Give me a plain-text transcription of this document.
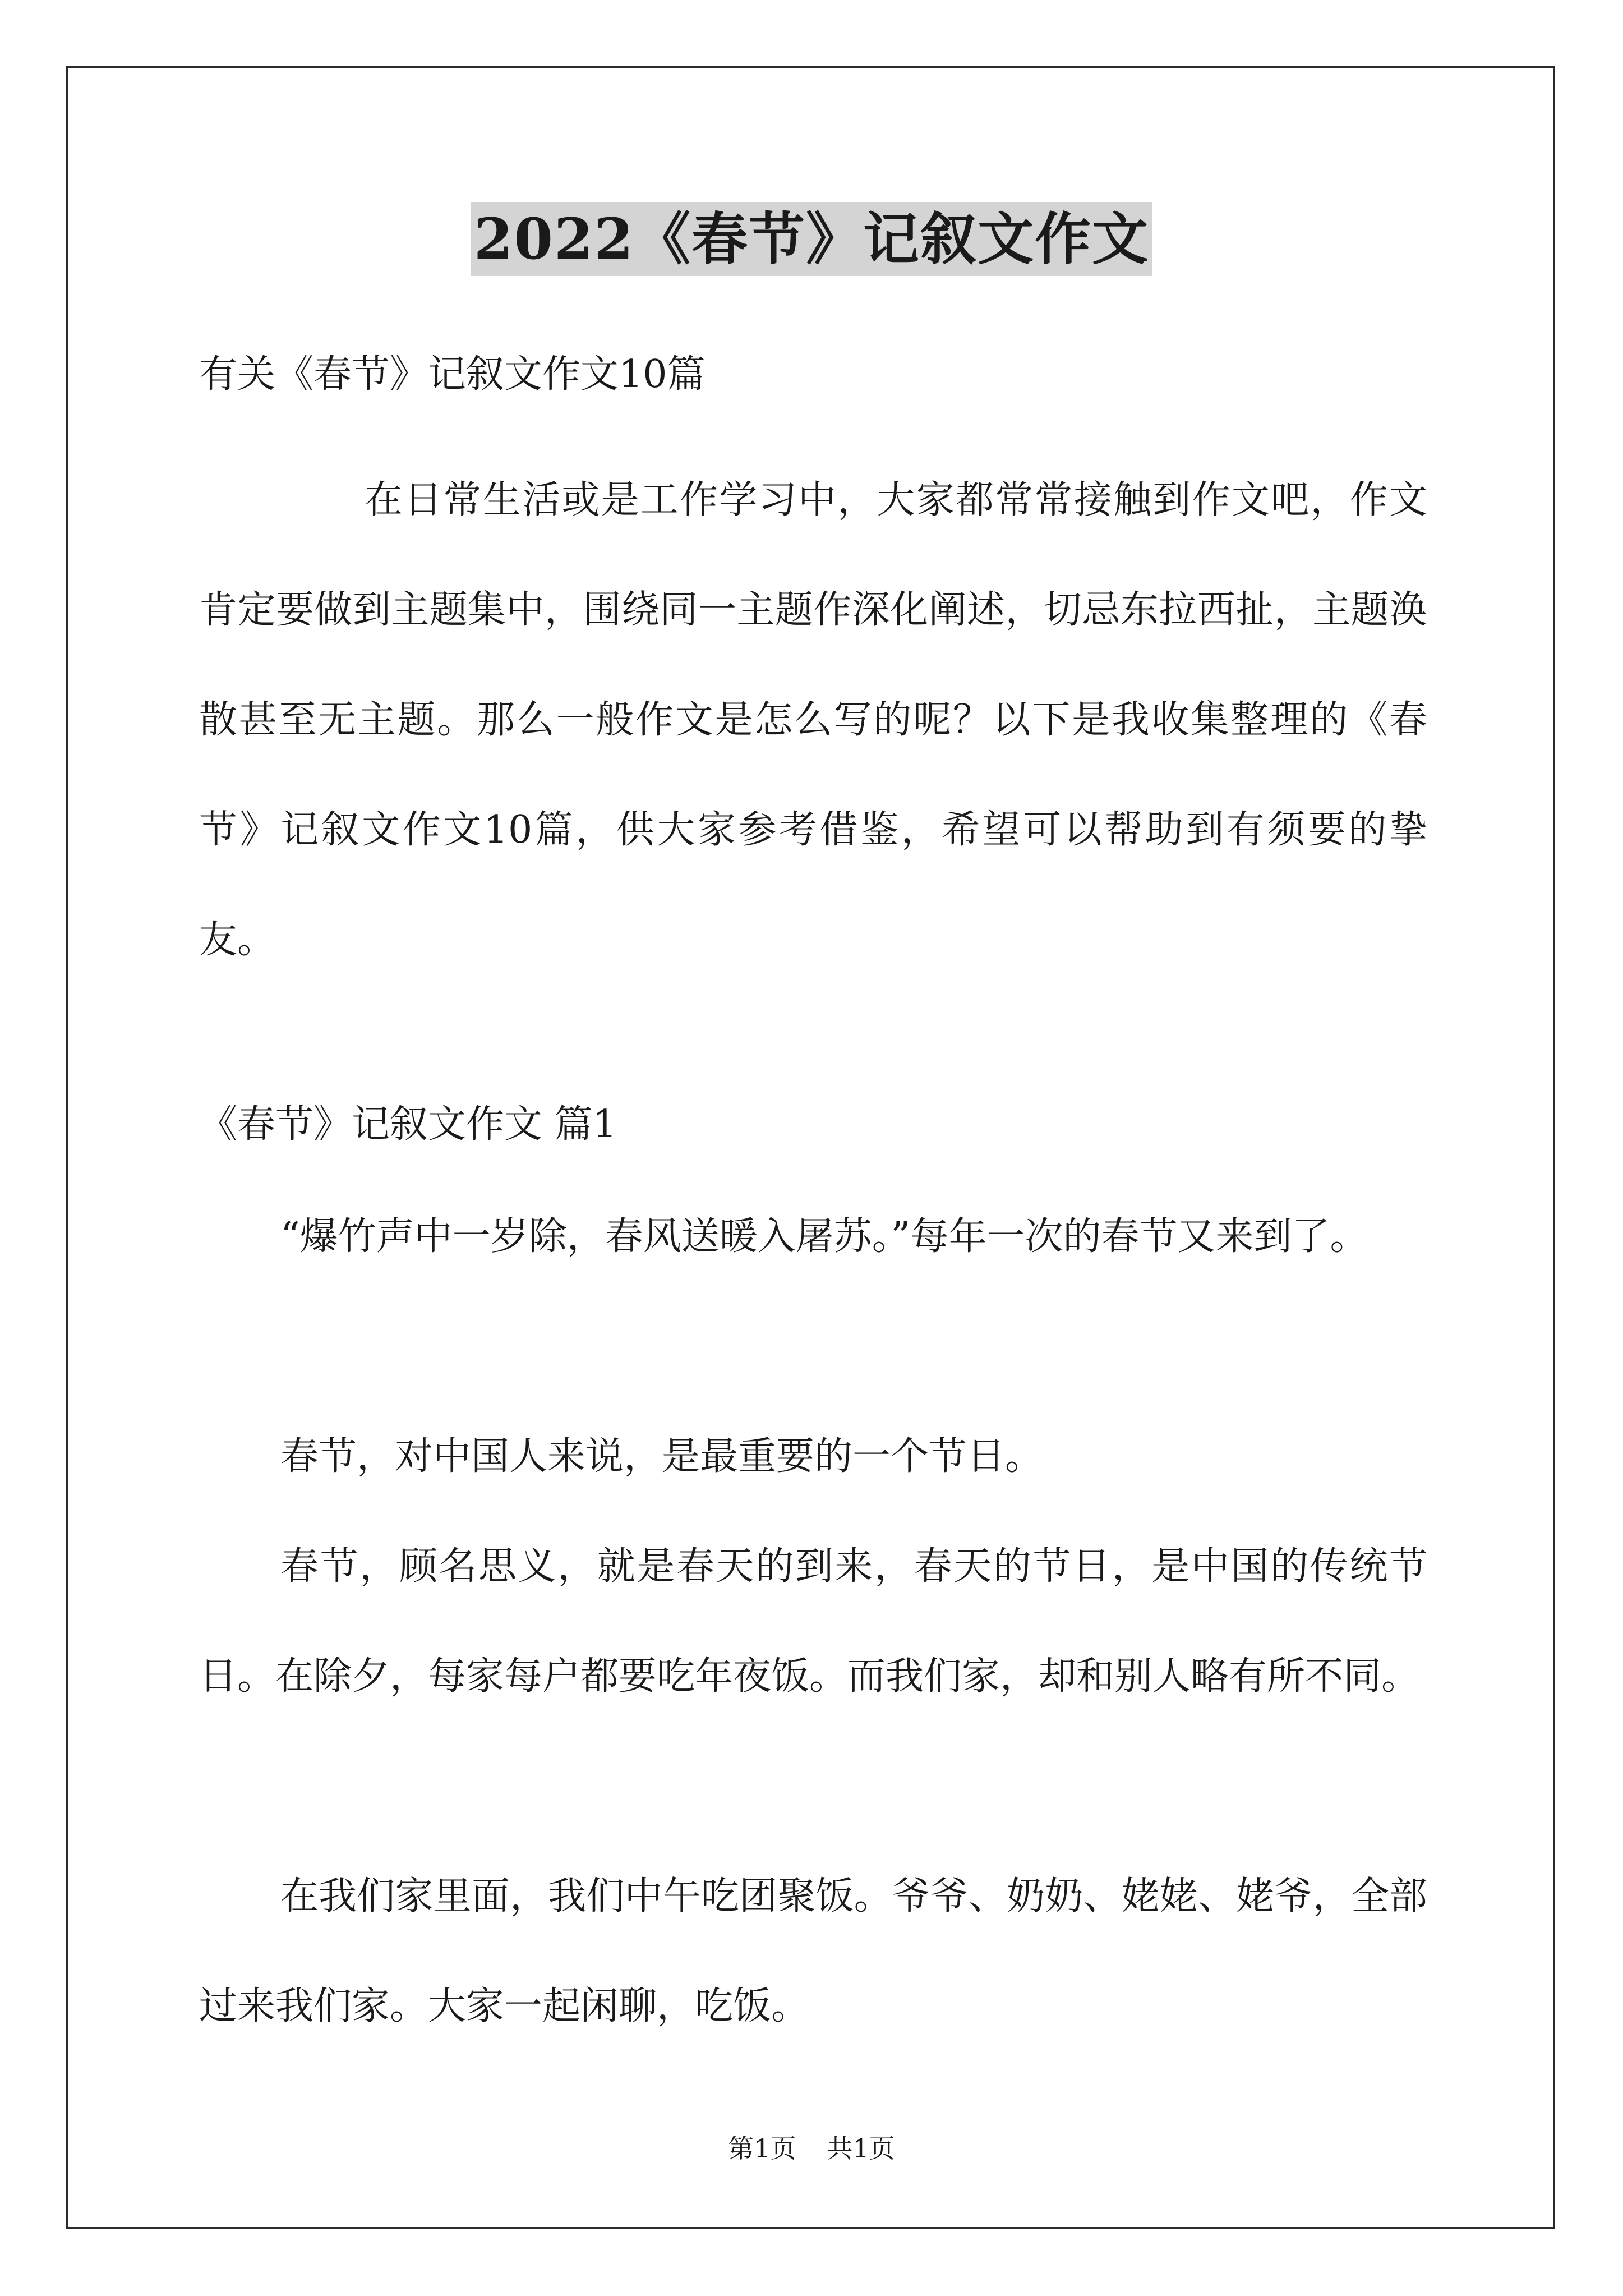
2022《春节》记叙文作文
有关《春节》记叙文作文10篇
在日常生活或是工作学习中，大家都常常接触到作文吧，作文肯定要做到主题集中，围绕同一主题作深化阐述，切忌东拉西扯，主题涣散甚至无主题。那么一般作文是怎么写的呢？以下是我收集整理的《春节》记叙文作文10篇，供大家参考借鉴，希望可以帮助到有须要的挚友。
《春节》记叙文作文 篇1
“爆竹声中一岁除，春风送暖入屠苏。”每年一次的春节又来到了。
春节，对中国人来说，是最重要的一个节日。
春节，顾名思义，就是春天的到来，春天的节日，是中国的传统节日。在除夕，每家每户都要吃年夜饭。而我们家，却和别人略有所不同。
在我们家里面，我们中午吃团聚饭。爷爷、奶奶、姥姥、姥爷，全部过来我们家。大家一起闲聊，吃饭。
第1页 共1页
